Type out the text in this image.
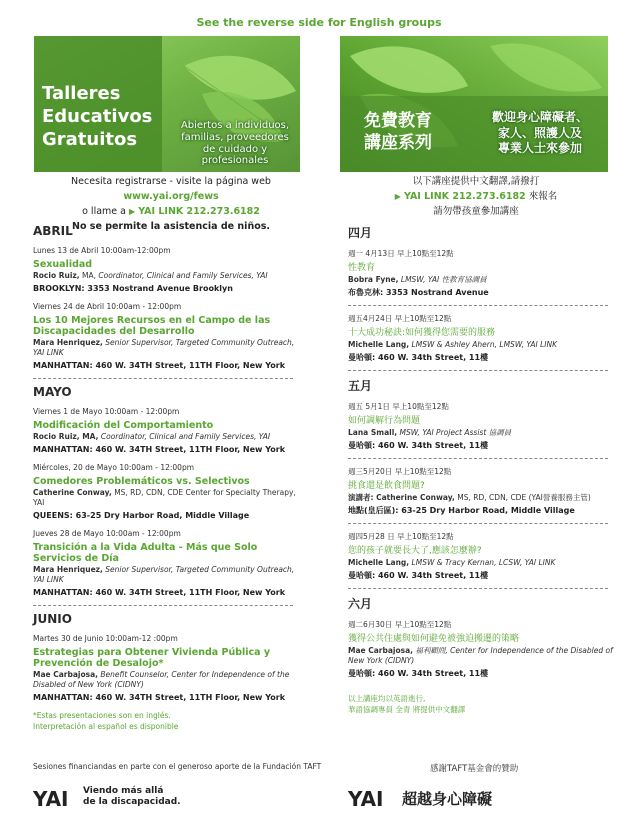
See the reverse side for English groups
Talleres
Educativos
Gratuitos
Abiertos a individuos,
familias, proveedores
de cuidado y
profesionales
免費教育
講座系列
歡迎身心障礙者、
家人、照護人及
專業人士來參加
Necesita registrarse - visite la página web www.yai.org/fews
o llame a ▶ YAI LINK 212.273.6182
No se permite la asistencia de niños.
以下講座提供中文翻譯,請撥打
▶ YAI LINK 212.273.6182 來報名
請勿帶孩童參加講座
ABRIL
Lunes 13 de Abril 10:00am-12:00pm
Sexualidad
Rocio Ruiz, MA, Coordinator, Clinical and Family Services, YAI
BROOKLYN: 3353 Nostrand Avenue Brooklyn
Viernes 24 de Abril 10:00am - 12:00pm
Los 10 Mejores Recursos en el Campo de las Discapacidades del Desarrollo
Mara Henriquez, Senior Supervisor, Targeted Community Outreach, YAI LINK
MANHATTAN: 460 W. 34TH Street, 11TH Floor, New York
MAYO
Viernes 1 de Mayo 10:00am - 12:00pm
Modificación del Comportamiento
Rocio Ruiz, MA, Coordinator, Clinical and Family Services, YAI
MANHATTAN: 460 W. 34TH Street, 11TH Floor, New York
Miércoles, 20 de Mayo 10:00am - 12:00pm
Comedores Problemáticos vs. Selectivos
Catherine Conway, MS, RD, CDN, CDE Center for Specialty Therapy, YAI
QUEENS: 63-25 Dry Harbor Road, Middle Village
Jueves 28 de Mayo 10:00am - 12:00pm
Transición a la Vida Adulta - Más que Solo Servicios de Día
Mara Henriquez, Senior Supervisor, Targeted Community Outreach, YAI LINK
MANHATTAN: 460 W. 34TH Street, 11TH Floor, New York
JUNIO
Martes 30 de Junio 10:00am-12 :00pm
Estrategias para Obtener Vivienda Pública y Prevención de Desalojo*
Mae Carbajosa, Benefit Counselor, Center for Independence of the Disabled of New York (CIDNY)
MANHATTAN: 460 W. 34TH Street, 11TH Floor, New York
*Estas presentaciones son en inglés.
Interpretación al español es disponible
四月
週一 4月13日 早上10點至12點
性教育
Bobra Fyne, LMSW, YAI 性教育協調員
布魯克林: 3353 Nostrand Avenue
週五4月24日 早上10點至12點
十大成功秘訣:如何獲得您需要的服務
Michelle Lang, LMSW & Ashley Ahern, LMSW, YAI LINK
曼哈頓: 460 W. 34th Street, 11樓
五月
週五 5月1日 早上10點至12點
如何調解行為問題
Lana Small, MSW, YAI Project Assist 協調員
曼哈頓: 460 W. 34th Street, 11樓
週三5月20日 早上10點至12點
挑食還是飲食問題?
演講者: Catherine Conway, MS, RD, CDN, CDE (YAI營養服務主管)
地點(皇后區): 63-25 Dry Harbor Road, Middle Village
週四5月28 日 早上10點至12點
您的孩子就要長大了,應該怎麼辦?
Michelle Lang, LMSW & Tracy Kernan, LCSW, YAI LINK
曼哈頓: 460 W. 34th Street, 11樓
六月
週二6月30日 早上10點至12點
獲得公共住處與如何避免被強迫搬遷的策略
Mae Carbajosa, 福利顧問, Center for Independence of the Disabled of New York (CIDNY)
曼哈頓: 460 W. 34th Street, 11樓
以上講座均以英語進行,
華語協調專員 全青 將提供中文翻譯
Sesiones financiandas en parte con el generoso aporte de la Fundación TAFT	感謝TAFT基金會的贊助
YAI Viendo más allá
de la discapacidad.	YAI 超越身心障礙
